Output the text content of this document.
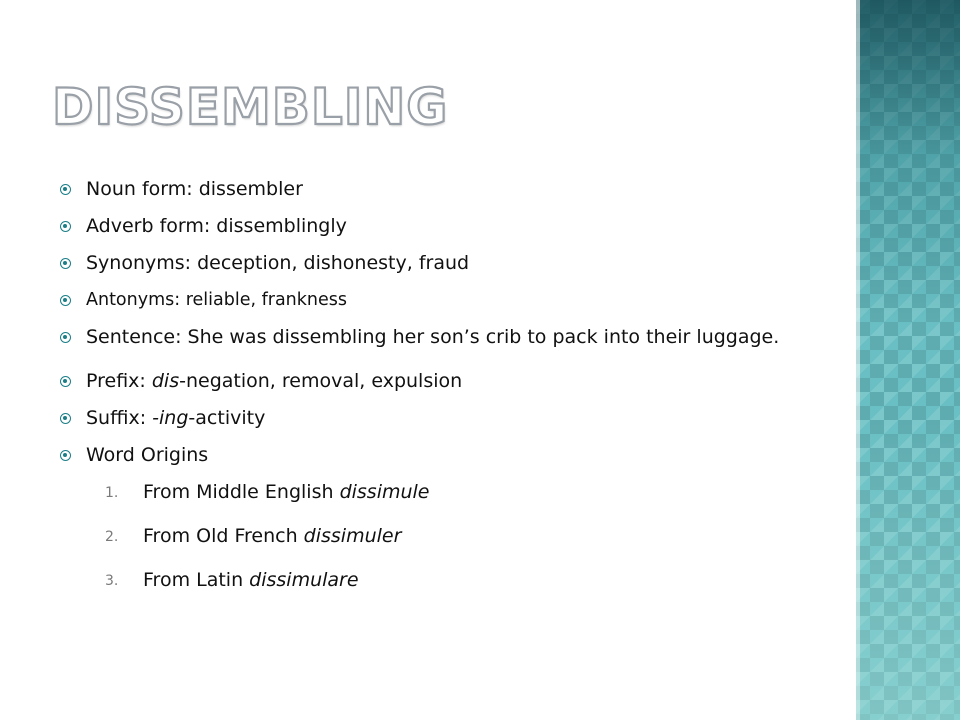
DISSEMBLING
Noun form: dissembler
Adverb form: dissemblingly
Synonyms: deception, dishonesty, fraud
Antonyms: reliable, frankness
Sentence: She was dissembling her son’s crib to pack into their luggage.
Prefix: dis-negation, removal, expulsion
Suffix: -ing-activity
Word Origins
1. From Middle English dissimule
2. From Old French dissimuler
3. From Latin dissimulare
